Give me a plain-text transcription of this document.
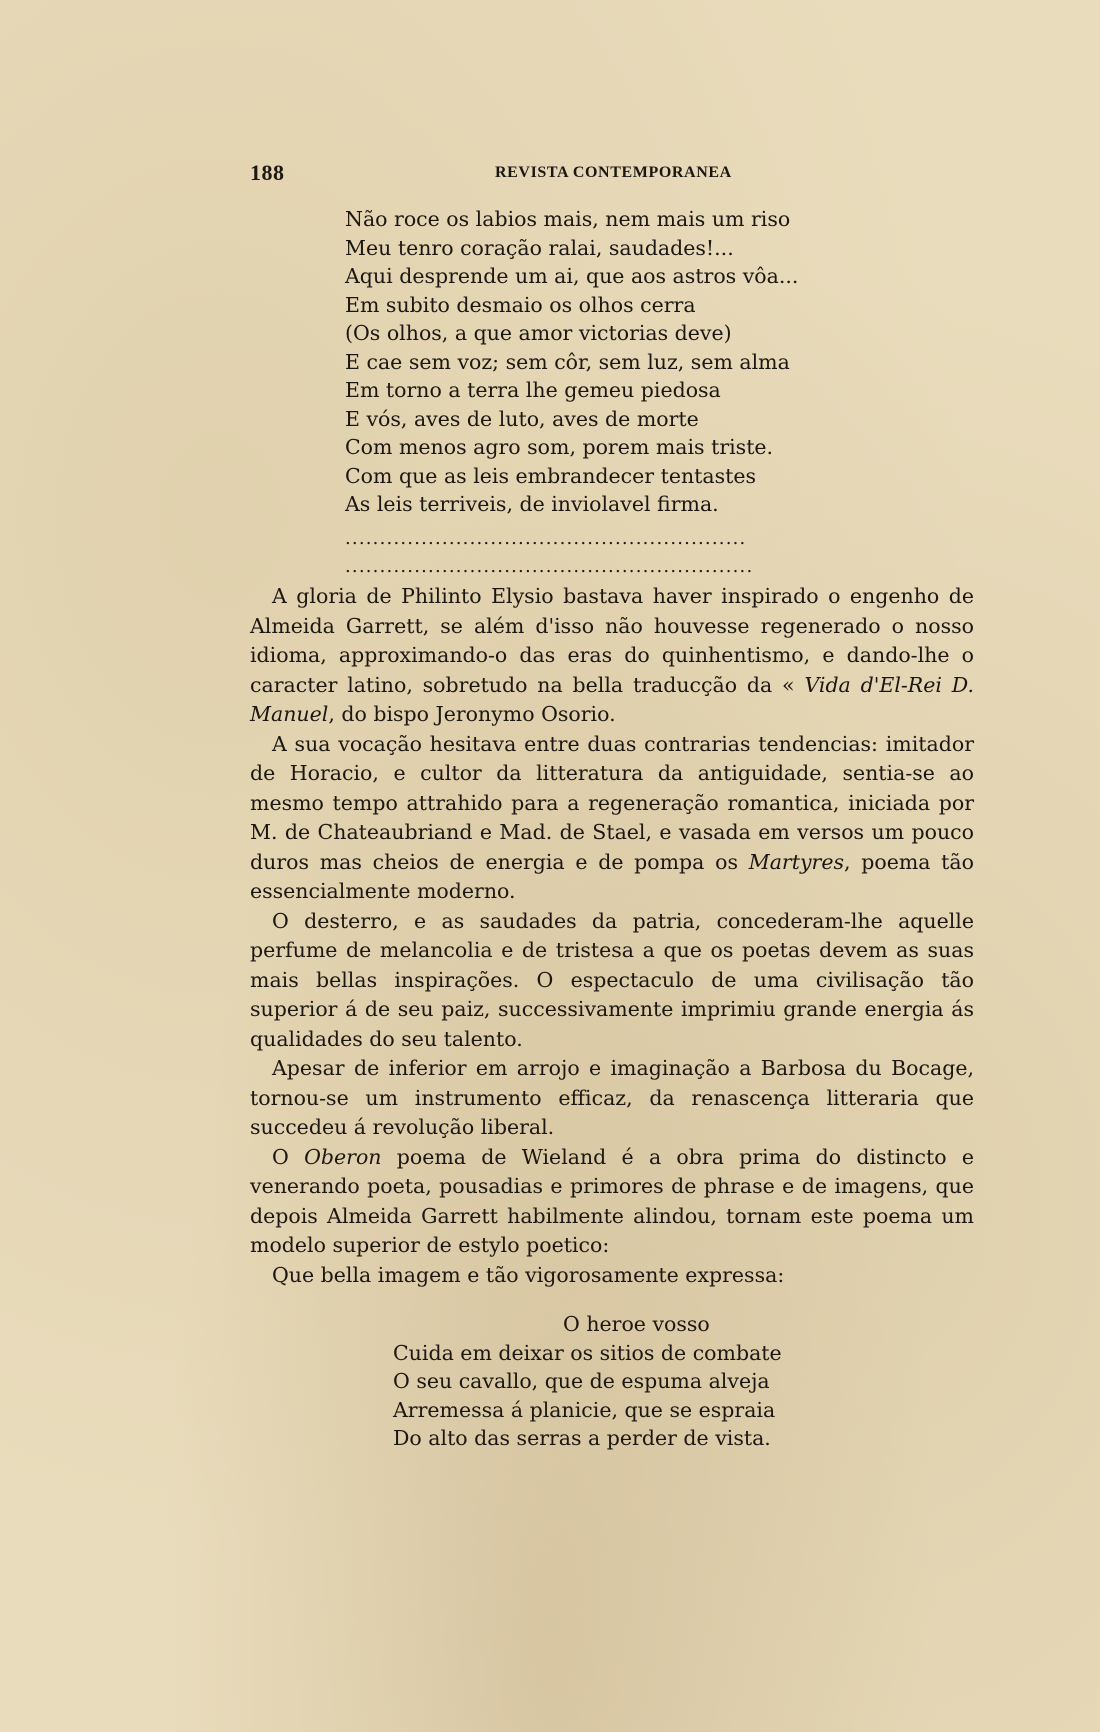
188	REVISTA CONTEMPORANEA
Não roce os labios mais, nem mais um riso
Meu tenro coração ralai, saudades!...
Aqui desprende um ai, que aos astros vôa...
Em subito desmaio os olhos cerra
(Os olhos, a que amor victorias deve)
E cae sem voz; sem côr, sem luz, sem alma
Em torno a terra lhe gemeu piedosa
E vós, aves de luto, aves de morte
Com menos agro som, porem mais triste.
Com que as leis embrandecer tentastes
As leis terriveis, de inviolavel firma.
..........................................................
...........................................................

A gloria de Philinto Elysio bastava haver inspirado o engenho de Almeida Garrett, se além d'isso não houvesse regenerado o nosso idioma, approximando-o das eras do quinhentismo, e dando-lhe o caracter latino, sobretudo na bella traducção da « Vida d'El-Rei D. Manuel, do bispo Jeronymo Osorio.

A sua vocação hesitava entre duas contrarias tendencias: imitador de Horacio, e cultor da litteratura da antiguidade, sentia-se ao mesmo tempo attrahido para a regeneração romantica, iniciada por M. de Chateaubriand e Mad. de Stael, e vasada em versos um pouco duros mas cheios de energia e de pompa os Martyres, poema tão essencialmente moderno.

O desterro, e as saudades da patria, concederam-lhe aquelle perfume de melancolia e de tristesa a que os poetas devem as suas mais bellas inspirações. O espectaculo de uma civilisação tão superior á de seu paiz, successivamente imprimiu grande energia ás qualidades do seu talento.

Apesar de inferior em arrojo e imaginação a Barbosa du Bocage, tornou-se um instrumento efficaz, da renascença litteraria que succedeu á revolução liberal.

O Oberon poema de Wieland é a obra prima do distincto e venerando poeta, pousadias e primores de phrase e de imagens, que depois Almeida Garrett habilmente alindou, tornam este poema um modelo superior de estylo poetico:

Que bella imagem e tão vigorosamente expressa:

O heroe vosso
Cuida em deixar os sitios de combate
O seu cavallo, que de espuma alveja
Arremessa á planicie, que se espraia
Do alto das serras a perder de vista.
